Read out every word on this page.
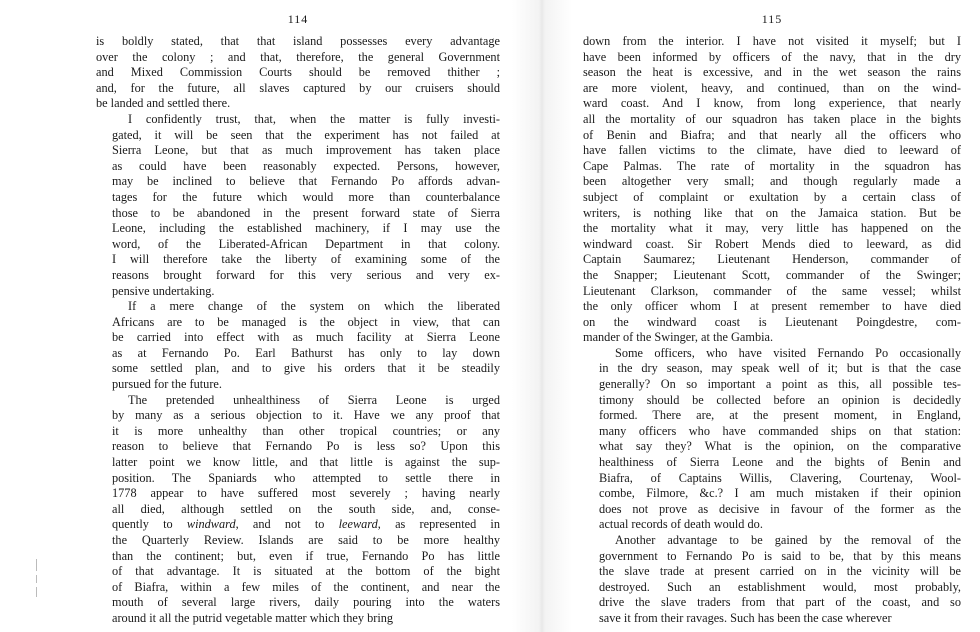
114
is boldly stated, that that island possesses every advantage
over the colony ; and that, therefore, the general Government
and Mixed Commission Courts should be removed thither ;
and, for the future, all slaves captured by our cruisers should
be landed and settled there.
I confidently trust, that, when the matter is fully investi-
gated, it will be seen that the experiment has not failed at
Sierra Leone, but that as much improvement has taken place
as could have been reasonably expected. Persons, however,
may be inclined to believe that Fernando Po affords advan-
tages for the future which would more than counterbalance
those to be abandoned in the present forward state of Sierra
Leone, including the established machinery, if I may use the
word, of the Liberated-African Department in that colony.
I will therefore take the liberty of examining some of the
reasons brought forward for this very serious and very ex-
pensive undertaking.
If a mere change of the system on which the liberated
Africans are to be managed is the object in view, that can
be carried into effect with as much facility at Sierra Leone
as at Fernando Po. Earl Bathurst has only to lay down
some settled plan, and to give his orders that it be steadily
pursued for the future.
The pretended unhealthiness of Sierra Leone is urged
by many as a serious objection to it. Have we any proof that
it is more unhealthy than other tropical countries; or any
reason to believe that Fernando Po is less so? Upon this
latter point we know little, and that little is against the sup-
position. The Spaniards who attempted to settle there in
1778 appear to have suffered most severely ; having nearly
all died, although settled on the south side, and, conse-
quently to windward, and not to leeward, as represented in
the Quarterly Review. Islands are said to be more healthy
than the continent; but, even if true, Fernando Po has little
of that advantage. It is situated at the bottom of the bight
of Biafra, within a few miles of the continent, and near the
mouth of several large rivers, daily pouring into the waters
around it all the putrid vegetable matter which they bring
115
down from the interior. I have not visited it myself; but I
have been informed by officers of the navy, that in the dry
season the heat is excessive, and in the wet season the rains
are more violent, heavy, and continued, than on the wind-
ward coast. And I know, from long experience, that nearly
all the mortality of our squadron has taken place in the bights
of Benin and Biafra; and that nearly all the officers who
have fallen victims to the climate, have died to leeward of
Cape Palmas. The rate of mortality in the squadron has
been altogether very small; and though regularly made a
subject of complaint or exultation by a certain class of
writers, is nothing like that on the Jamaica station. But be
the mortality what it may, very little has happened on the
windward coast. Sir Robert Mends died to leeward, as did
Captain Saumarez; Lieutenant Henderson, commander of
the Snapper; Lieutenant Scott, commander of the Swinger;
Lieutenant Clarkson, commander of the same vessel; whilst
the only officer whom I at present remember to have died
on the windward coast is Lieutenant Poingdestre, com-
mander of the Swinger, at the Gambia.
Some officers, who have visited Fernando Po occasionally
in the dry season, may speak well of it; but is that the case
generally? On so important a point as this, all possible tes-
timony should be collected before an opinion is decidedly
formed. There are, at the present moment, in England,
many officers who have commanded ships on that station:
what say they? What is the opinion, on the comparative
healthiness of Sierra Leone and the bights of Benin and
Biafra, of Captains Willis, Clavering, Courtenay, Wool-
combe, Filmore, &c.? I am much mistaken if their opinion
does not prove as decisive in favour of the former as the
actual records of death would do.
Another advantage to be gained by the removal of the
government to Fernando Po is said to be, that by this means
the slave trade at present carried on in the vicinity will be
destroyed. Such an establishment would, most probably,
drive the slave traders from that part of the coast, and so
save it from their ravages. Such has been the case wherever
